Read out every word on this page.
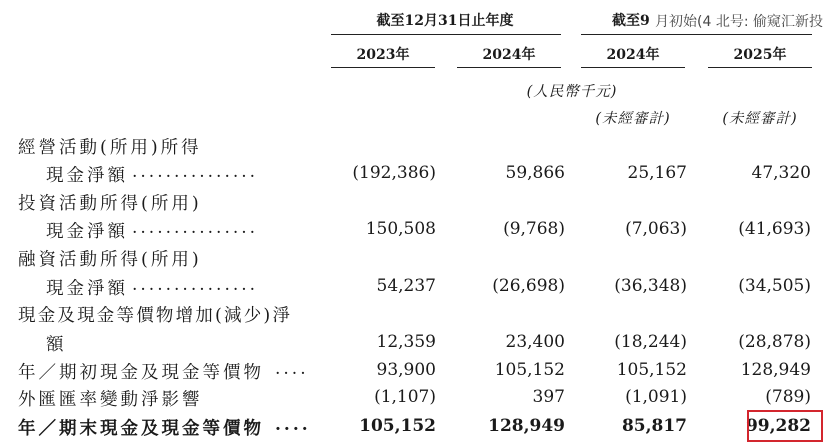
截至12月31日止年度	截至9 月初始(4 北号: 偷窥汇新投
2023年	2024年	2024年	2025年
(人民幣千元)
(未經審計)	(未經審計)
經營活動(所用)所得
現金淨額 ...............	(192,386)	59,866	25,167	47,320
投資活動所得(所用)
現金淨額 ...............	150,508	(9,768)	(7,063)	(41,693)
融資活動所得(所用)
現金淨額 ...............	54,237	(26,698)	(36,348)	(34,505)
現金及現金等價物增加(減少)淨
額	12,359	23,400	(18,244)	(28,878)
年／期初現金及現金等價物 ....	93,900	105,152	105,152	128,949
外匯匯率變動淨影響	(1,107)	397	(1,091)	(789)
年／期末現金及現金等價物 ....	105,152	128,949	85,817	99,282
